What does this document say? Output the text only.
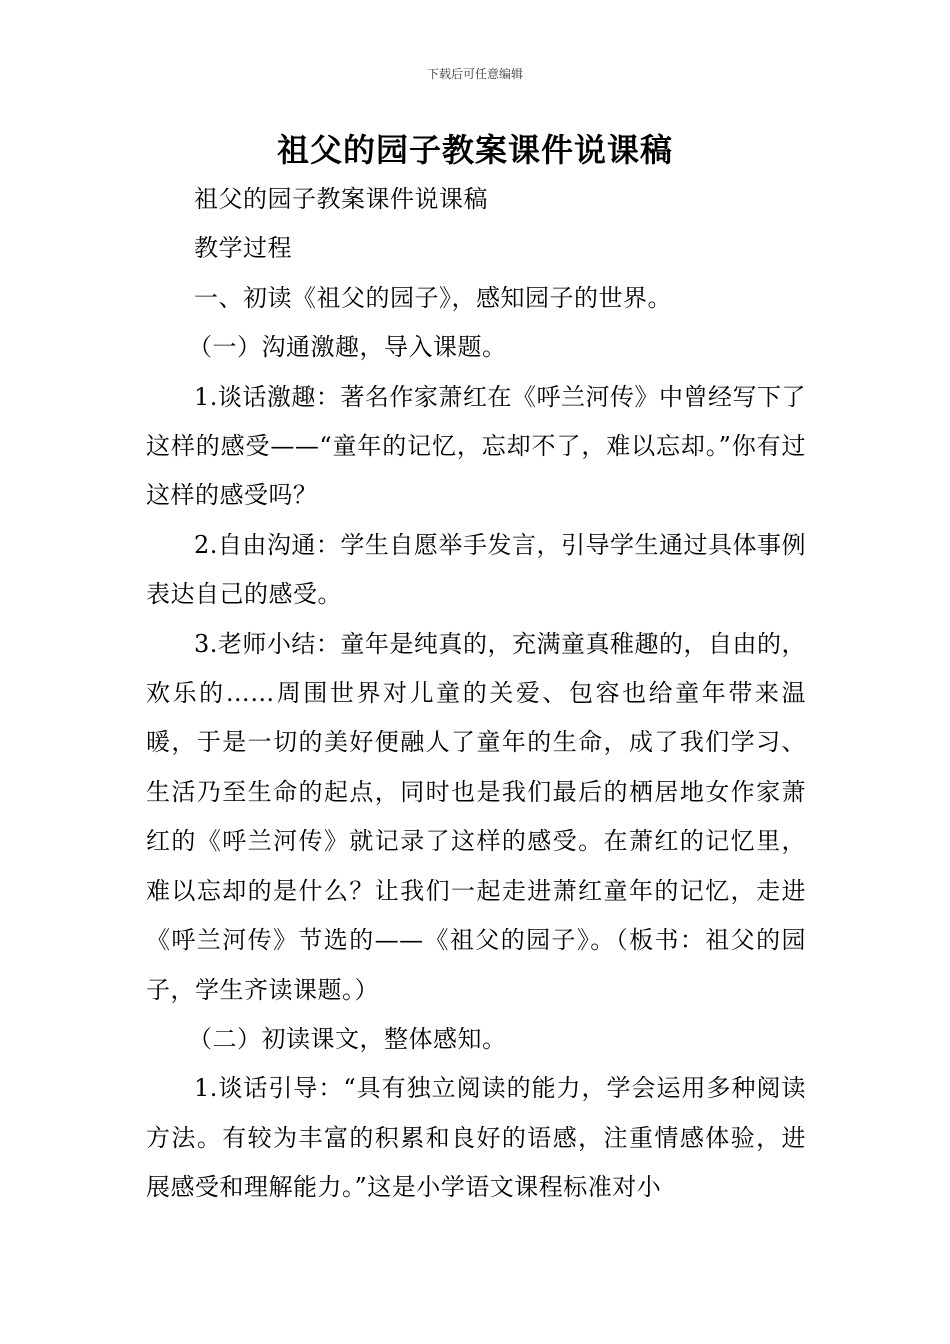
下载后可任意编辑
祖父的园子教案课件说课稿

祖父的园子教案课件说课稿

教学过程

一、初读《祖父的园子》，感知园子的世界。

（一）沟通激趣，导入课题。

1.谈话激趣：著名作家萧红在《呼兰河传》中曾经写下了这样的感受——“童年的记忆，忘却不了，难以忘却。”你有过这样的感受吗？

2.自由沟通：学生自愿举手发言，引导学生通过具体事例表达自己的感受。

3.老师小结：童年是纯真的，充满童真稚趣的，自由的，欢乐的……周围世界对儿童的关爱、包容也给童年带来温暖，于是一切的美好便融人了童年的生命，成了我们学习、生活乃至生命的起点，同时也是我们最后的栖居地女作家萧红的《呼兰河传》就记录了这样的感受。在萧红的记忆里，难以忘却的是什么？让我们一起走进萧红童年的记忆，走进《呼兰河传》节选的——《祖父的园子》。（板书：祖父的园子，学生齐读课题。）

（二）初读课文，整体感知。

1.谈话引导：“具有独立阅读的能力，学会运用多种阅读方法。有较为丰富的积累和良好的语感，注重情感体验，进展感受和理解能力。”这是小学语文课程标准对小
